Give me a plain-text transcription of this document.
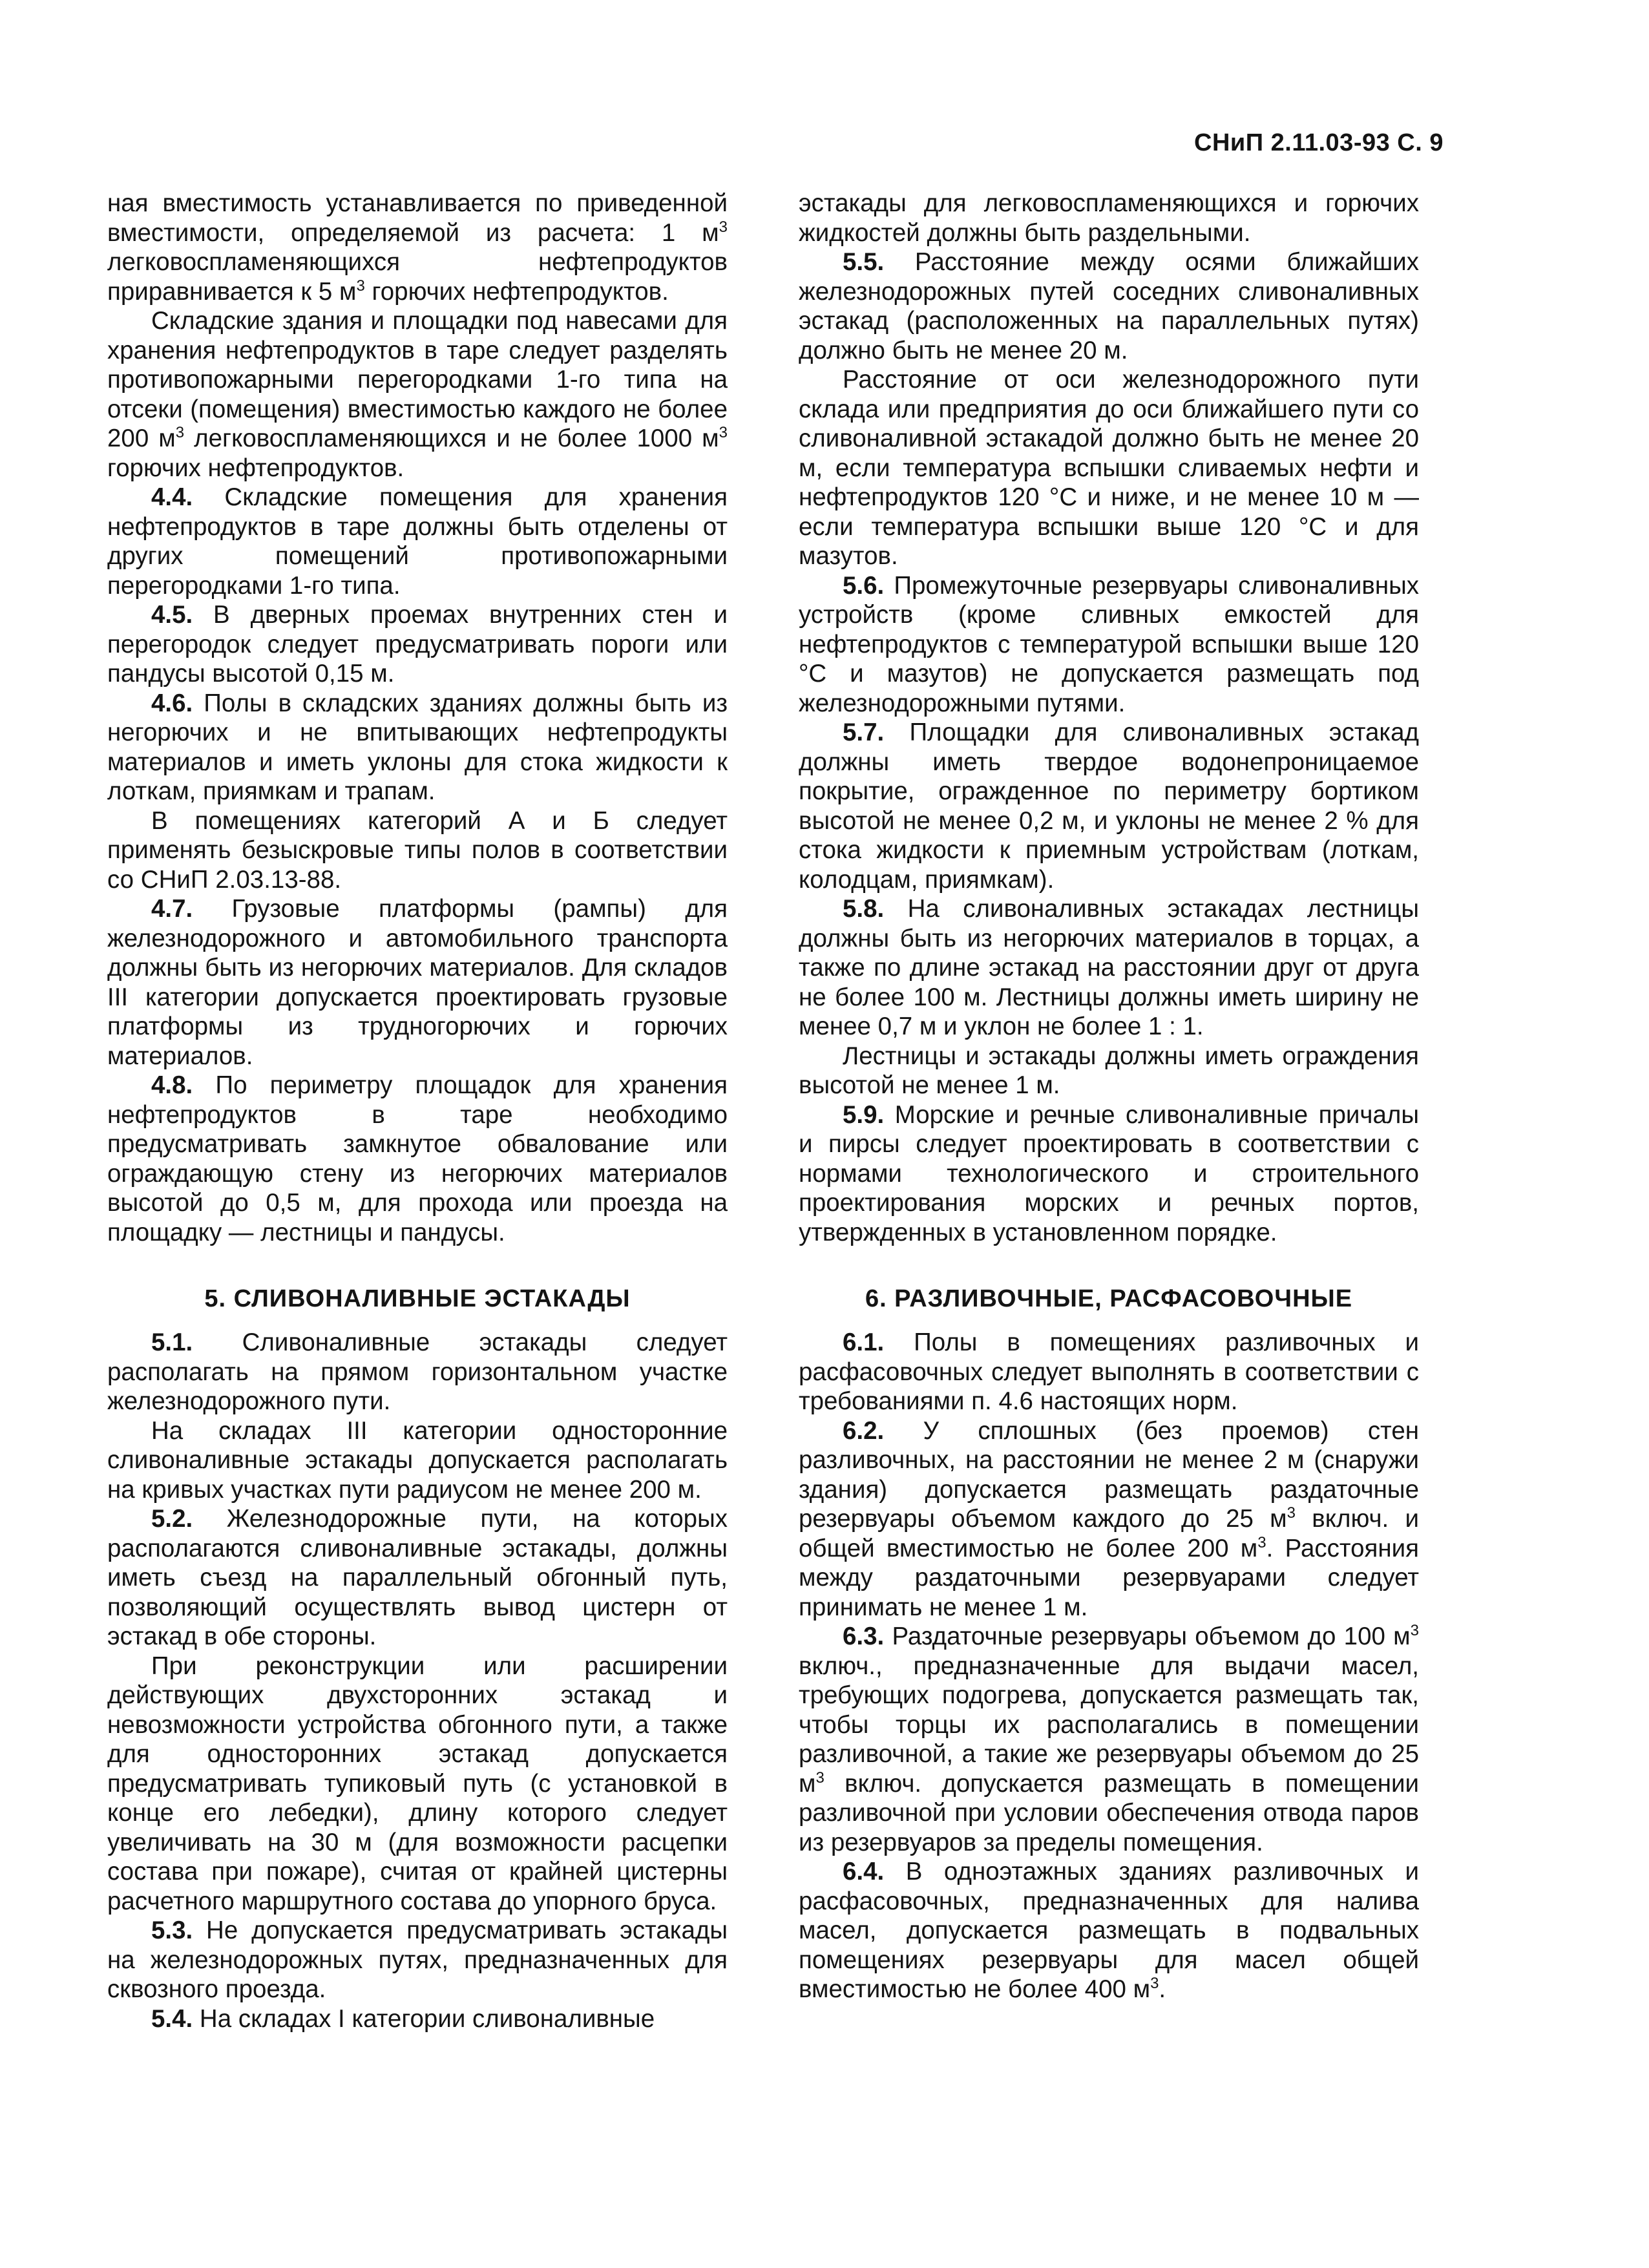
СНиП 2.11.03-93 С. 9

ная вместимость устанавливается по приведенной вместимости, определяемой из расчета: 1 $м^3$ легковоспламеняющихся нефтепродуктов приравнивается к 5 $м^3$ горючих нефтепродуктов.

Складские здания и площадки под навесами для хранения нефтепродуктов в таре следует разделять противопожарными перегородками 1-го типа на отсеки (помещения) вместимостью каждого не более 200 $м^3$ легковоспламеняющихся и не более 1000 $м^3$ горючих нефтепродуктов.

4.4. Складские помещения для хранения нефтепродуктов в таре должны быть отделены от других помещений противопожарными перегородками 1-го типа.

4.5. В дверных проемах внутренних стен и перегородок следует предусматривать пороги или пандусы высотой 0,15 м.

4.6. Полы в складских зданиях должны быть из негорючих и не впитывающих нефтепродукты материалов и иметь уклоны для стока жидкости к лоткам, приямкам и трапам.

В помещениях категорий А и Б следует применять безыскровые типы полов в соответствии со СНиП 2.03.13-88.

4.7. Грузовые платформы (рампы) для железнодорожного и автомобильного транспорта должны быть из негорючих материалов. Для складов III категории допускается проектировать грузовые платформы из трудногорючих и горючих материалов.

4.8. По периметру площадок для хранения нефтепродуктов в таре необходимо предусматривать замкнутое обвалование или ограждающую стену из негорючих материалов высотой до 0,5 м, для прохода или проезда на площадку — лестницы и пандусы.

5. СЛИВОНАЛИВНЫЕ ЭСТАКАДЫ

5.1. Сливоналивные эстакады следует располагать на прямом горизонтальном участке железнодорожного пути.

На складах III категории односторонние сливоналивные эстакады допускается располагать на кривых участках пути радиусом не менее 200 м.

5.2. Железнодорожные пути, на которых располагаются сливоналивные эстакады, должны иметь съезд на параллельный обгонный путь, позволяющий осуществлять вывод цистерн от эстакад в обе стороны.

При реконструкции или расширении действующих двухсторонних эстакад и невозможности устройства обгонного пути, а также для односторонних эстакад допускается предусматривать тупиковый путь (с установкой в конце его лебедки), длину которого следует увеличивать на 30 м (для возможности расцепки состава при пожаре), считая от крайней цистерны расчетного маршрутного состава до упорного бруса.

5.3. Не допускается предусматривать эстакады на железнодорожных путях, предназначенных для сквозного проезда.

5.4. На складах I категории сливоналивные

эстакады для легковоспламеняющихся и горючих жидкостей должны быть раздельными.

5.5. Расстояние между осями ближайших железнодорожных путей соседних сливоналивных эстакад (расположенных на параллельных путях) должно быть не менее 20 м.

Расстояние от оси железнодорожного пути склада или предприятия до оси ближайшего пути со сливоналивной эстакадой должно быть не менее 20 м, если температура вспышки сливаемых нефти и нефтепродуктов 120 °С и ниже, и не менее 10 м — если температура вспышки выше 120 °С и для мазутов.

5.6. Промежуточные резервуары сливоналивных устройств (кроме сливных емкостей для нефтепродуктов с температурой вспышки выше 120 °С и мазутов) не допускается размещать под железнодорожными путями.

5.7. Площадки для сливоналивных эстакад должны иметь твердое водонепроницаемое покрытие, огражденное по периметру бортиком высотой не менее 0,2 м, и уклоны не менее 2 % для стока жидкости к приемным устройствам (лоткам, колодцам, приямкам).

5.8. На сливоналивных эстакадах лестницы должны быть из негорючих материалов в торцах, а также по длине эстакад на расстоянии друг от друга не более 100 м. Лестницы должны иметь ширину не менее 0,7 м и уклон не более 1 : 1.

Лестницы и эстакады должны иметь ограждения высотой не менее 1 м.

5.9. Морские и речные сливоналивные причалы и пирсы следует проектировать в соответствии с нормами технологического и строительного проектирования морских и речных портов, утвержденных в установленном порядке.

6. РАЗЛИВОЧНЫЕ, РАСФАСОВОЧНЫЕ

6.1. Полы в помещениях разливочных и расфасовочных следует выполнять в соответствии с требованиями п. 4.6 настоящих норм.

6.2. У сплошных (без проемов) стен разливочных, на расстоянии не менее 2 м (снаружи здания) допускается размещать раздаточные резервуары объемом каждого до 25 $м^3$ включ. и общей вместимостью не более 200 $м^3$. Расстояния между раздаточными резервуарами следует принимать не менее 1 м.

6.3. Раздаточные резервуары объемом до 100 $м^3$ включ., предназначенные для выдачи масел, требующих подогрева, допускается размещать так, чтобы торцы их располагались в помещении разливочной, а такие же резервуары объемом до 25 $м^3$ включ. допускается размещать в помещении разливочной при условии обеспечения отвода паров из резервуаров за пределы помещения.

6.4. В одноэтажных зданиях разливочных и расфасовочных, предназначенных для налива масел, допускается размещать в подвальных помещениях резервуары для масел общей вместимостью не более 400 $м^3$.
